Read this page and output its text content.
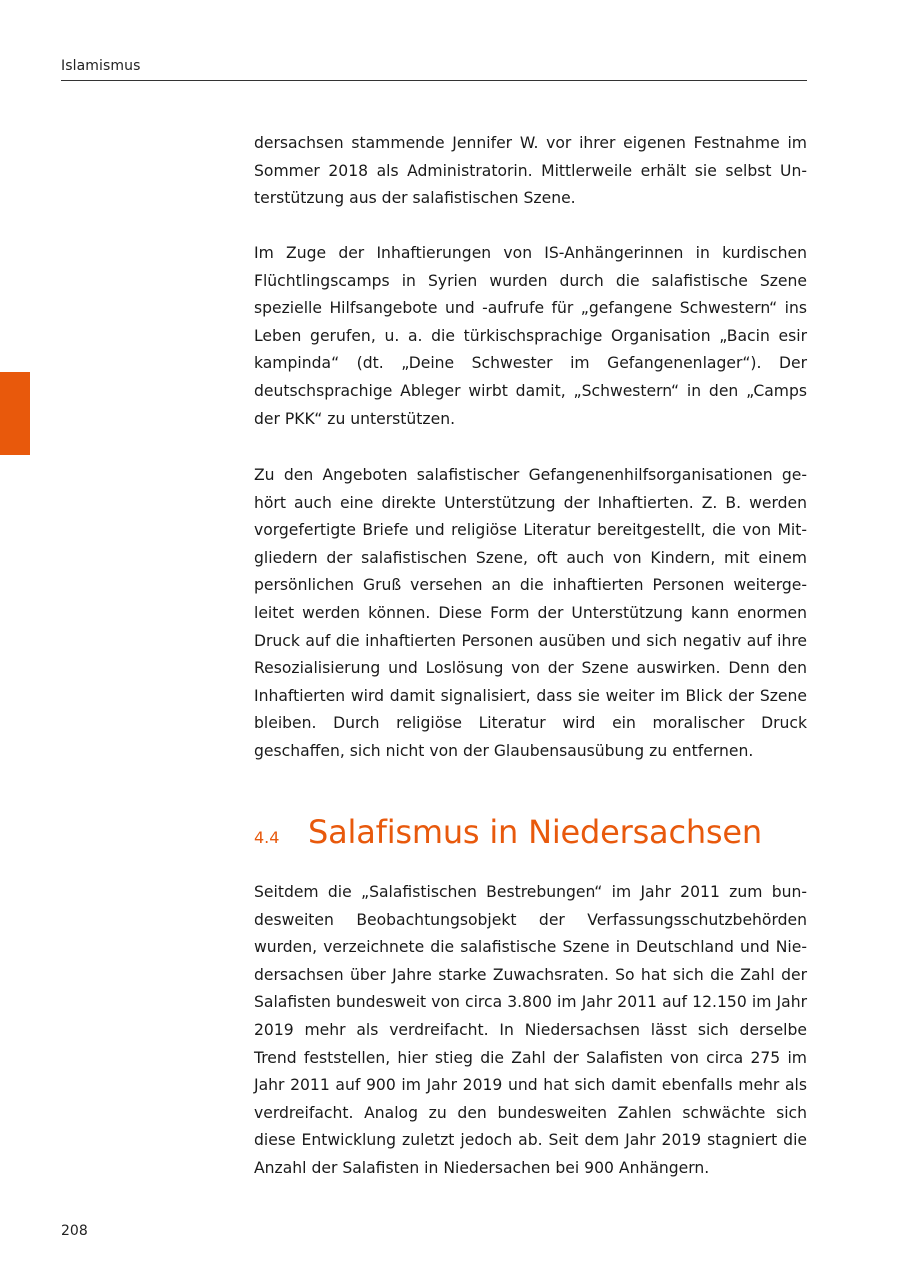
Islamismus

dersachsen stammende Jennifer W. vor ihrer eigenen Festnahme im Sommer 2018 als Administratorin. Mittlerweile erhält sie selbst Unterstützung aus der salafistischen Szene.

Im Zuge der Inhaftierungen von IS-Anhängerinnen in kurdischen Flüchtlingscamps in Syrien wurden durch die salafistische Szene spezielle Hilfsangebote und -aufrufe für „gefangene Schwestern“ ins Leben gerufen, u. a. die türkischsprachige Organisation „Bacin esir kampinda“ (dt. „Deine Schwester im Gefangenenlager“). Der deutschsprachige Ableger wirbt damit, „Schwestern“ in den „Camps der PKK“ zu unterstützen.

Zu den Angeboten salafistischer Gefangenenhilfsorganisationen gehört auch eine direkte Unterstützung der Inhaftierten. Z. B. werden vorgefertigte Briefe und religiöse Literatur bereitgestellt, die von Mitgliedern der salafistischen Szene, oft auch von Kindern, mit einem persönlichen Gruß versehen an die inhaftierten Personen weitergeleitet werden können. Diese Form der Unterstützung kann enormen Druck auf die inhaftierten Personen ausüben und sich negativ auf ihre Resozialisierung und Loslösung von der Szene auswirken. Denn den Inhaftierten wird damit signalisiert, dass sie weiter im Blick der Szene bleiben. Durch religiöse Literatur wird ein moralischer Druck geschaffen, sich nicht von der Glaubensausübung zu entfernen.

4.4 Salafismus in Niedersachsen

Seitdem die „Salafistischen Bestrebungen“ im Jahr 2011 zum bundesweiten Beobachtungsobjekt der Verfassungsschutzbehörden wurden, verzeichnete die salafistische Szene in Deutschland und Niedersachsen über Jahre starke Zuwachsraten. So hat sich die Zahl der Salafisten bundesweit von circa 3.800 im Jahr 2011 auf 12.150 im Jahr 2019 mehr als verdreifacht. In Niedersachsen lässt sich derselbe Trend feststellen, hier stieg die Zahl der Salafisten von circa 275 im Jahr 2011 auf 900 im Jahr 2019 und hat sich damit ebenfalls mehr als verdreifacht. Analog zu den bundesweiten Zahlen schwächte sich diese Entwicklung zuletzt jedoch ab. Seit dem Jahr 2019 stagniert die Anzahl der Salafisten in Niedersachen bei 900 Anhängern.

208
